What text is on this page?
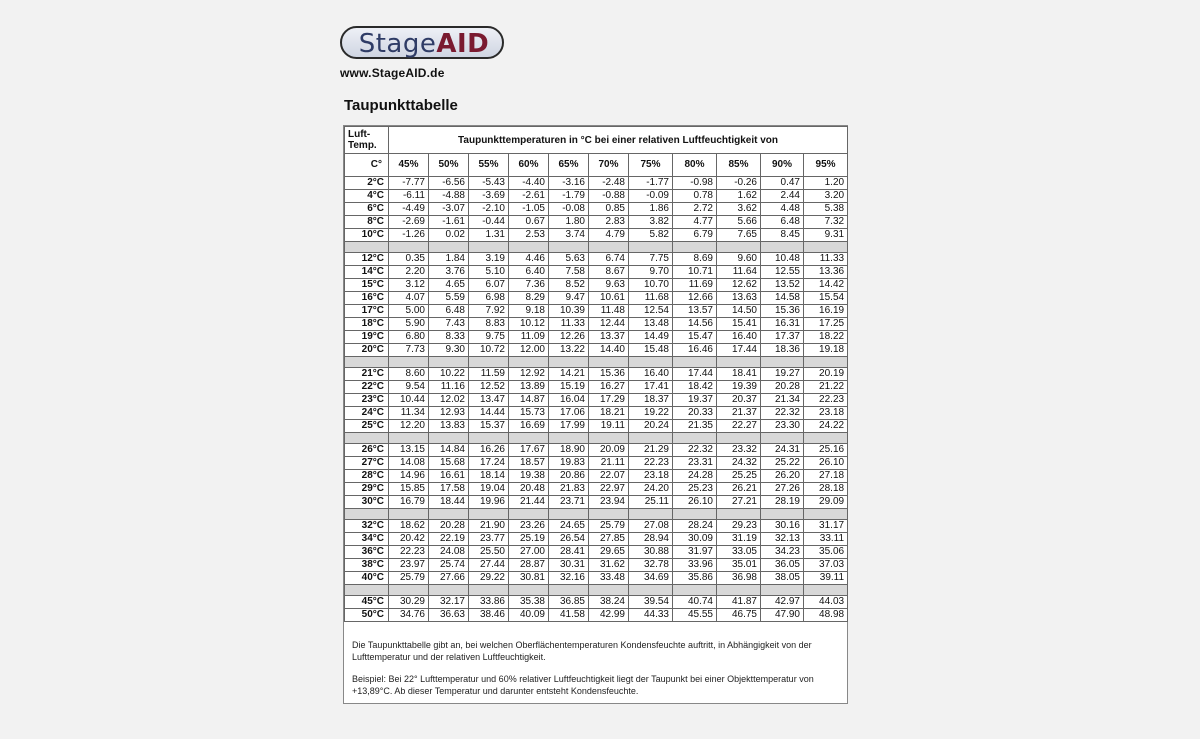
StageAID
www.StageAID.de
Taupunkttabelle
Luft-Temp.	Taupunkttemperaturen in °C bei einer relativen Luftfeuchtigkeit von										
C°	45%	50%	55%	60%	65%	70%	75%	80%	85%	90%	95%
2°C	-7.77	-6.56	-5.43	-4.40	-3.16	-2.48	-1.77	-0.98	-0.26	0.47	1.20
4°C	-6.11	-4.88	-3.69	-2.61	-1.79	-0.88	-0.09	0.78	1.62	2.44	3.20
6°C	-4.49	-3.07	-2.10	-1.05	-0.08	0.85	1.86	2.72	3.62	4.48	5.38
8°C	-2.69	-1.61	-0.44	0.67	1.80	2.83	3.82	4.77	5.66	6.48	7.32
10°C	-1.26	0.02	1.31	2.53	3.74	4.79	5.82	6.79	7.65	8.45	9.31

12°C	0.35	1.84	3.19	4.46	5.63	6.74	7.75	8.69	9.60	10.48	11.33
14°C	2.20	3.76	5.10	6.40	7.58	8.67	9.70	10.71	11.64	12.55	13.36
15°C	3.12	4.65	6.07	7.36	8.52	9.63	10.70	11.69	12.62	13.52	14.42
16°C	4.07	5.59	6.98	8.29	9.47	10.61	11.68	12.66	13.63	14.58	15.54
17°C	5.00	6.48	7.92	9.18	10.39	11.48	12.54	13.57	14.50	15.36	16.19
18°C	5.90	7.43	8.83	10.12	11.33	12.44	13.48	14.56	15.41	16.31	17.25
19°C	6.80	8.33	9.75	11.09	12.26	13.37	14.49	15.47	16.40	17.37	18.22
20°C	7.73	9.30	10.72	12.00	13.22	14.40	15.48	16.46	17.44	18.36	19.18

21°C	8.60	10.22	11.59	12.92	14.21	15.36	16.40	17.44	18.41	19.27	20.19
22°C	9.54	11.16	12.52	13.89	15.19	16.27	17.41	18.42	19.39	20.28	21.22
23°C	10.44	12.02	13.47	14.87	16.04	17.29	18.37	19.37	20.37	21.34	22.23
24°C	11.34	12.93	14.44	15.73	17.06	18.21	19.22	20.33	21.37	22.32	23.18
25°C	12.20	13.83	15.37	16.69	17.99	19.11	20.24	21.35	22.27	23.30	24.22

26°C	13.15	14.84	16.26	17.67	18.90	20.09	21.29	22.32	23.32	24.31	25.16
27°C	14.08	15.68	17.24	18.57	19.83	21.11	22.23	23.31	24.32	25.22	26.10
28°C	14.96	16.61	18.14	19.38	20.86	22.07	23.18	24.28	25.25	26.20	27.18
29°C	15.85	17.58	19.04	20.48	21.83	22.97	24.20	25.23	26.21	27.26	28.18
30°C	16.79	18.44	19.96	21.44	23.71	23.94	25.11	26.10	27.21	28.19	29.09

32°C	18.62	20.28	21.90	23.26	24.65	25.79	27.08	28.24	29.23	30.16	31.17
34°C	20.42	22.19	23.77	25.19	26.54	27.85	28.94	30.09	31.19	32.13	33.11
36°C	22.23	24.08	25.50	27.00	28.41	29.65	30.88	31.97	33.05	34.23	35.06
38°C	23.97	25.74	27.44	28.87	30.31	31.62	32.78	33.96	35.01	36.05	37.03
40°C	25.79	27.66	29.22	30.81	32.16	33.48	34.69	35.86	36.98	38.05	39.11

45°C	30.29	32.17	33.86	35.38	36.85	38.24	39.54	40.74	41.87	42.97	44.03
50°C	34.76	36.63	38.46	40.09	41.58	42.99	44.33	45.55	46.75	47.90	48.98

Die Taupunkttabelle gibt an, bei welchen Oberflächentemperaturen Kondensfeuchte auftritt, in Abhängigkeit von der Lufttemperatur und der relativen Luftfeuchtigkeit.

Beispiel: Bei 22° Lufttemperatur und 60% relativer Luftfeuchtigkeit liegt der Taupunkt bei einer Objekttemperatur von +13,89°C. Ab dieser Temperatur und darunter entsteht Kondensfeuchte.
